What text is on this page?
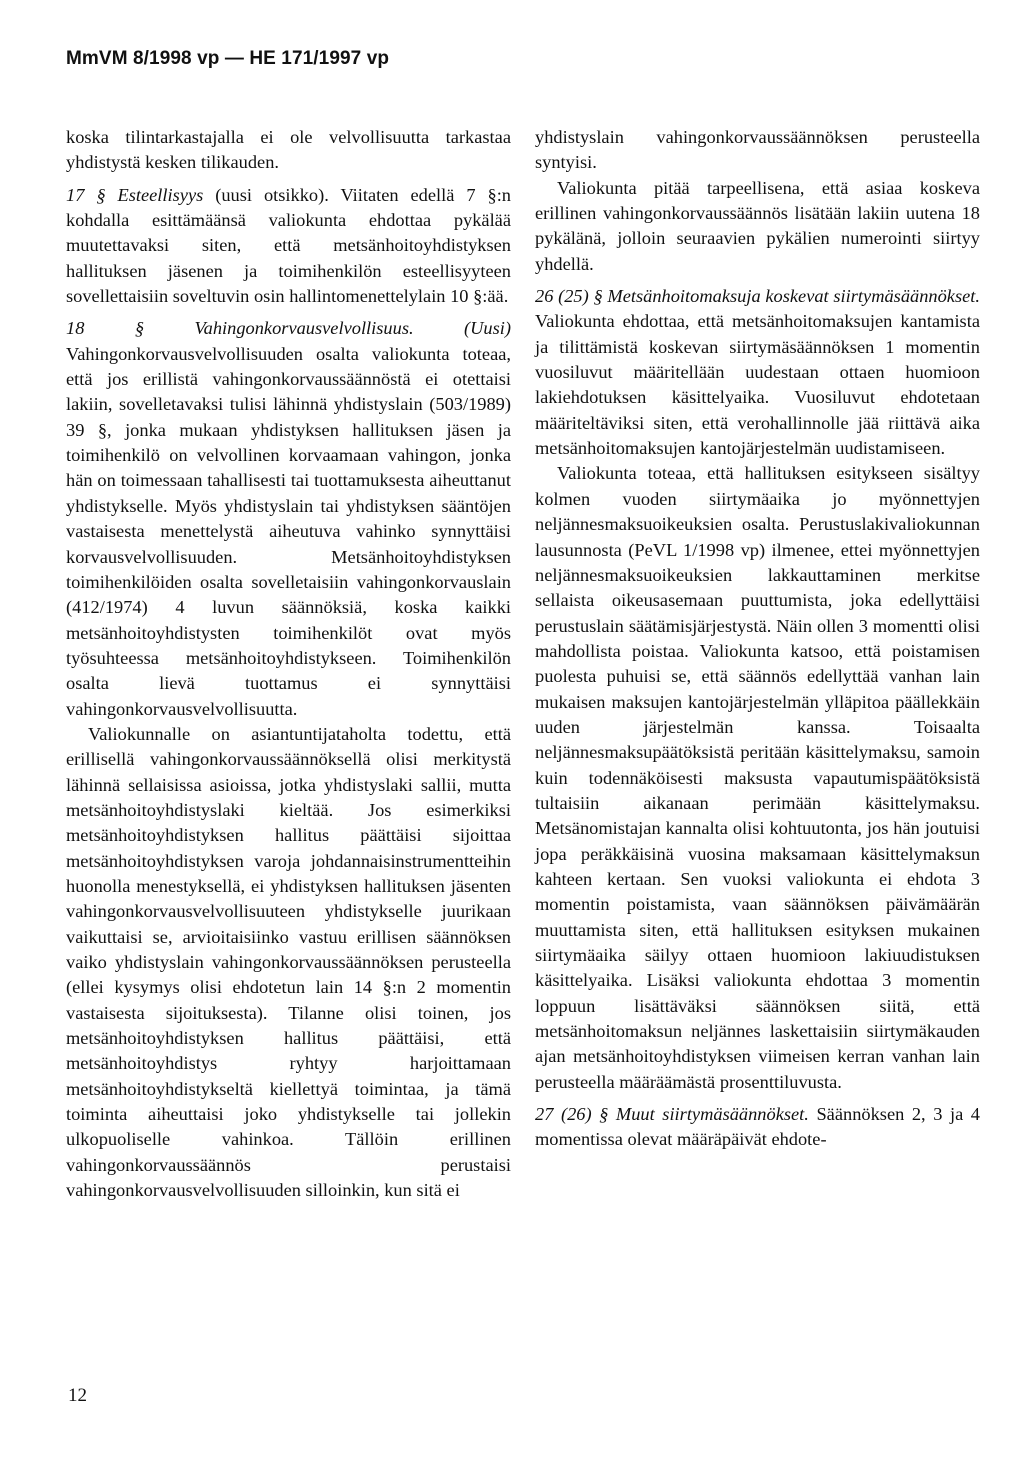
MmVM 8/1998 vp — HE 171/1997 vp

koska tilintarkastajalla ei ole velvollisuutta tarkastaa yhdistystä kesken tilikauden.

17 § Esteellisyys (uusi otsikko). Viitaten edellä 7 §:n kohdalla esittämäänsä valiokunta ehdottaa pykälää muutettavaksi siten, että metsänhoitoyhdistyksen hallituksen jäsenen ja toimihenkilön esteellisyyteen sovellettaisiin soveltuvin osin hallintomenettelylain 10 §:ää.

18 § Vahingonkorvausvelvollisuus. (Uusi) Vahingonkorvausvelvollisuuden osalta valiokunta toteaa, että jos erillistä vahingonkorvaussäännöstä ei otettaisi lakiin, sovelletavaksi tulisi lähinnä yhdistyslain (503/1989) 39 §, jonka mukaan yhdistyksen hallituksen jäsen ja toimihenkilö on velvollinen korvaamaan vahingon, jonka hän on toimessaan tahallisesti tai tuottamuksesta aiheuttanut yhdistykselle. Myös yhdistyslain tai yhdistyksen sääntöjen vastaisesta menettelystä aiheutuva vahinko synnyttäisi korvausvelvollisuuden. Metsänhoitoyhdistyksen toimihenkilöiden osalta sovelletaisiin vahingonkorvauslain (412/1974) 4 luvun säännöksiä, koska kaikki metsänhoitoyhdistysten toimihenkilöt ovat myös työsuhteessa metsänhoitoyhdistykseen. Toimihenkilön osalta lievä tuottamus ei synnyttäisi vahingonkorvausvelvollisuutta.

Valiokunnalle on asiantuntijataholta todettu, että erillisellä vahingonkorvaussäännöksellä olisi merkitystä lähinnä sellaisissa asioissa, jotka yhdistyslaki sallii, mutta metsänhoitoyhdistyslaki kieltää. Jos esimerkiksi metsänhoitoyhdistyksen hallitus päättäisi sijoittaa metsänhoitoyhdistyksen varoja johdannaisinstrumentteihin huonolla menestyksellä, ei yhdistyksen hallituksen jäsenten vahingonkorvausvelvollisuuteen yhdistykselle juurikaan vaikuttaisi se, arvioitaisiinko vastuu erillisen säännöksen vaiko yhdistyslain vahingonkorvaussäännöksen perusteella (ellei kysymys olisi ehdotetun lain 14 §:n 2 momentin vastaisesta sijoituksesta). Tilanne olisi toinen, jos metsänhoitoyhdistyksen hallitus päättäisi, että metsänhoitoyhdistys ryhtyy harjoittamaan metsänhoitoyhdistykseltä kiellettyä toimintaa, ja tämä toiminta aiheuttaisi joko yhdistykselle tai jollekin ulkopuoliselle vahinkoa. Tällöin erillinen vahingonkorvaussäännös perustaisi vahingonkorvausvelvollisuuden silloinkin, kun sitä ei

yhdistyslain vahingonkorvaussäännöksen perusteella syntyisi.

Valiokunta pitää tarpeellisena, että asiaa koskeva erillinen vahingonkorvaussäännös lisätään lakiin uutena 18 pykälänä, jolloin seuraavien pykälien numerointi siirtyy yhdellä.

26 (25) § Metsänhoitomaksuja koskevat siirtymäsäännökset. Valiokunta ehdottaa, että metsänhoitomaksujen kantamista ja tilittämistä koskevan siirtymäsäännöksen 1 momentin vuosiluvut määritellään uudestaan ottaen huomioon lakiehdotuksen käsittelyaika. Vuosiluvut ehdotetaan määriteltäviksi siten, että verohallinnolle jää riittävä aika metsänhoitomaksujen kantojärjestelmän uudistamiseen.

Valiokunta toteaa, että hallituksen esitykseen sisältyy kolmen vuoden siirtymäaika jo myönnettyjen neljännesmaksuoikeuksien osalta. Perustuslakivaliokunnan lausunnosta (PeVL 1/1998 vp) ilmenee, ettei myönnettyjen neljännesmaksuoikeuksien lakkauttaminen merkitse sellaista oikeusasemaan puuttumista, joka edellyttäisi perustuslain säätämisjärjestystä. Näin ollen 3 momentti olisi mahdollista poistaa. Valiokunta katsoo, että poistamisen puolesta puhuisi se, että säännös edellyttää vanhan lain mukaisen maksujen kantojärjestelmän ylläpitoa päällekkäin uuden järjestelmän kanssa. Toisaalta neljännesmaksupäätöksistä peritään käsittelymaksu, samoin kuin todennäköisesti maksusta vapautumispäätöksistä tultaisiin aikanaan perimään käsittelymaksu. Metsänomistajan kannalta olisi kohtuutonta, jos hän joutuisi jopa peräkkäisinä vuosina maksamaan käsittelymaksun kahteen kertaan. Sen vuoksi valiokunta ei ehdota 3 momentin poistamista, vaan säännöksen päivämäärän muuttamista siten, että hallituksen esityksen mukainen siirtymäaika säilyy ottaen huomioon lakiuudistuksen käsittelyaika. Lisäksi valiokunta ehdottaa 3 momentin loppuun lisättäväksi säännöksen siitä, että metsänhoitomaksun neljännes laskettaisiin siirtymäkauden ajan metsänhoitoyhdistyksen viimeisen kerran vanhan lain perusteella määräämästä prosenttiluvusta.

27 (26) § Muut siirtymäsäännökset. Säännöksen 2, 3 ja 4 momentissa olevat määräpäivät ehdote-

12
